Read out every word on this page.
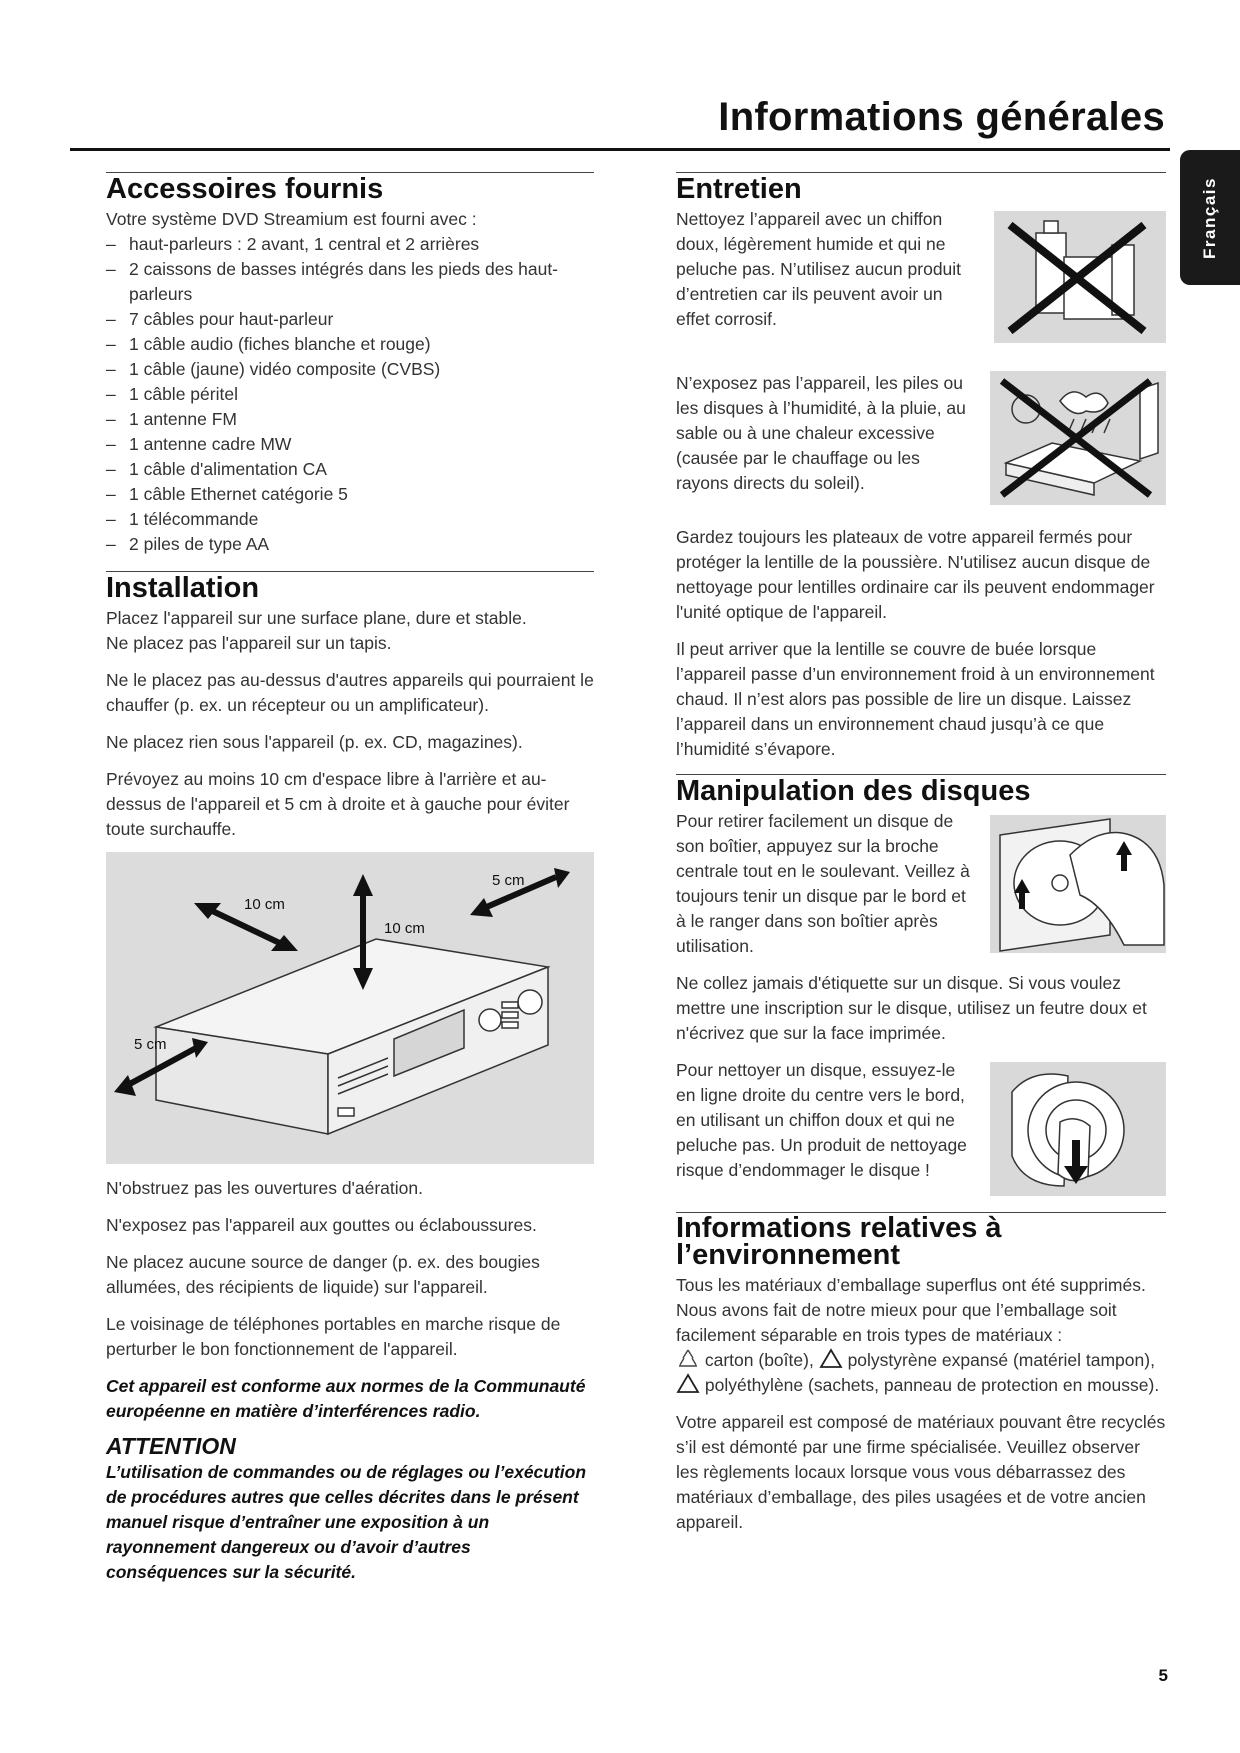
Informations générales
Français
Accessoires fournis

Votre système DVD Streamium est fourni avec :

– haut-parleurs : 2 avant, 1 central et 2 arrières
– 2 caissons de basses intégrés dans les pieds des haut-parleurs
– 7 câbles pour haut-parleur
– 1 câble audio (fiches blanche et rouge)
– 1 câble (jaune) vidéo composite (CVBS)
– 1 câble péritel
– 1 antenne FM
– 1 antenne cadre MW
– 1 câble d'alimentation CA
– 1 câble Ethernet catégorie 5
– 1 télécommande
– 2 piles de type AA
Installation

Placez l'appareil sur une surface plane, dure et stable.
Ne placez pas l'appareil sur un tapis.

Ne le placez pas au-dessus d'autres appareils qui pourraient le chauffer (p. ex. un récepteur ou un amplificateur).

Ne placez rien sous l'appareil (p. ex. CD, magazines).

Prévoyez au moins 10 cm d'espace libre à l'arrière et au-dessus de l'appareil et 5 cm à droite et à gauche pour éviter toute surchauffe.

10 cm
10 cm
5 cm
5 cm

N'obstruez pas les ouvertures d'aération.

N'exposez pas l'appareil aux gouttes ou éclaboussures.

Ne placez aucune source de danger (p. ex. des bougies allumées, des récipients de liquide) sur l'appareil.

Le voisinage de téléphones portables en marche risque de perturber le bon fonctionnement de l'appareil.

Cet appareil est conforme aux normes de la Communauté européenne en matière d’interférences radio.
ATTENTION
L’utilisation de commandes ou de réglages ou l’exécution de procédures autres que celles décrites dans le présent manuel risque d’entraîner une exposition à un rayonnement dangereux ou d’avoir d’autres conséquences sur la sécurité.
Entretien

Nettoyez l’appareil avec un chiffon doux, légèrement humide et qui ne peluche pas. N’utilisez aucun produit d’entretien car ils peuvent avoir un effet corrosif.

N’exposez pas l’appareil, les piles ou les disques à l’humidité, à la pluie, au sable ou à une chaleur excessive (causée par le chauffage ou les rayons directs du soleil).

Gardez toujours les plateaux de votre appareil fermés pour protéger la lentille de la poussière. N'utilisez aucun disque de nettoyage pour lentilles ordinaire car ils peuvent endommager l'unité optique de l'appareil.

Il peut arriver que la lentille se couvre de buée lorsque l’appareil passe d’un environnement froid à un environnement chaud. Il n’est alors pas possible de lire un disque. Laissez l’appareil dans un environnement chaud jusqu’à ce que l’humidité s’évapore.

Manipulation des disques

Pour retirer facilement un disque de son boîtier, appuyez sur la broche centrale tout en le soulevant. Veillez à toujours tenir un disque par le bord et à le ranger dans son boîtier après utilisation.

Ne collez jamais d'étiquette sur un disque. Si vous voulez mettre une inscription sur le disque, utilisez un feutre doux et n'écrivez que sur la face imprimée.

Pour nettoyer un disque, essuyez-le en ligne droite du centre vers le bord, en utilisant un chiffon doux et qui ne peluche pas. Un produit de nettoyage risque d’endommager le disque !

Informations relatives à l’environnement

Tous les matériaux d’emballage superflus ont été supprimés. Nous avons fait de notre mieux pour que l’emballage soit facilement séparable en trois types de matériaux :

carton (boîte), polystyrène expansé (matériel tampon),  polyéthylène (sachets, panneau de protection en mousse).

Votre appareil est composé de matériaux pouvant être recyclés s’il est démonté par une firme spécialisée. Veuillez observer les règlements locaux lorsque vous vous débarrassez des matériaux d’emballage, des piles usagées et de votre ancien appareil.

5
